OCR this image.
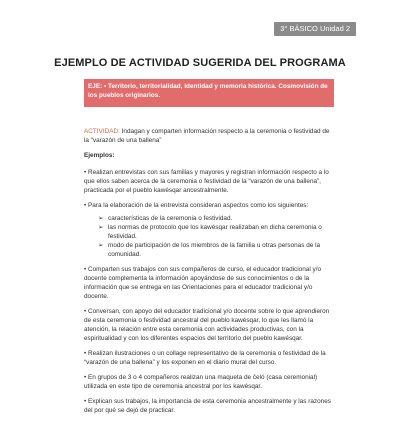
3° BÁSICO Unidad 2
EJEMPLO DE ACTIVIDAD SUGERIDA DEL PROGRAMA
EJE: • Territorio, territorialidad, identidad y memoria histórica. Cosmovisión de los pueblos originarios.

ACTIVIDAD: Indagan y comparten información respecto a la ceremonia o festividad de la “varazón de una ballena”

Ejemplos:

• Realizan entrevistas con sus familias y mayores y registran información respecto a lo que ellos saben acerca de la ceremonia o festividad de la “varazón de una ballena”, practicada por el pueblo kawésqar ancestralmente.

• Para la elaboración de la entrevista consideran aspectos como los siguientes:

➢ características de la ceremonia o festividad.
➢ las normas de protocolo que los kawésqar realizaban en dicha ceremonia o festividad.
➢ modo de participación de los miembros de la familia u otras personas de la comunidad.

• Comparten sus trabajos con sus compañeros de curso, el educador tradicional y/o docente complementa la información apoyándose de sus conocimientos o de la información que se entrega en las Orientaciones para el educador tradicional y/o docente.

• Conversan, con apoyo del educador tradicional y/o docente sobre lo que aprendieron de esta ceremonia o festividad ancestral del pueblo kawésqar, lo que les llamó la atención, la relación entre esta ceremonia con actividades productivas, con la espiritualidad y con los diferentes espacios del territorio del pueblo kawésqar.

• Realizan ilustraciones o un collage representativo de la ceremonia o festividad de la “varazón de una ballena” y los exponen en el diario mural del curso.

• En grupos de 3 o 4 compañeros realizan una maqueta de čeló (casa ceremonial) utilizada en este tipo de ceremonia ancestral por los kawésqar.

• Explican sus trabajos, la importancia de esta ceremonia ancestralmente y las razones del por qué se dejó de practicar.
